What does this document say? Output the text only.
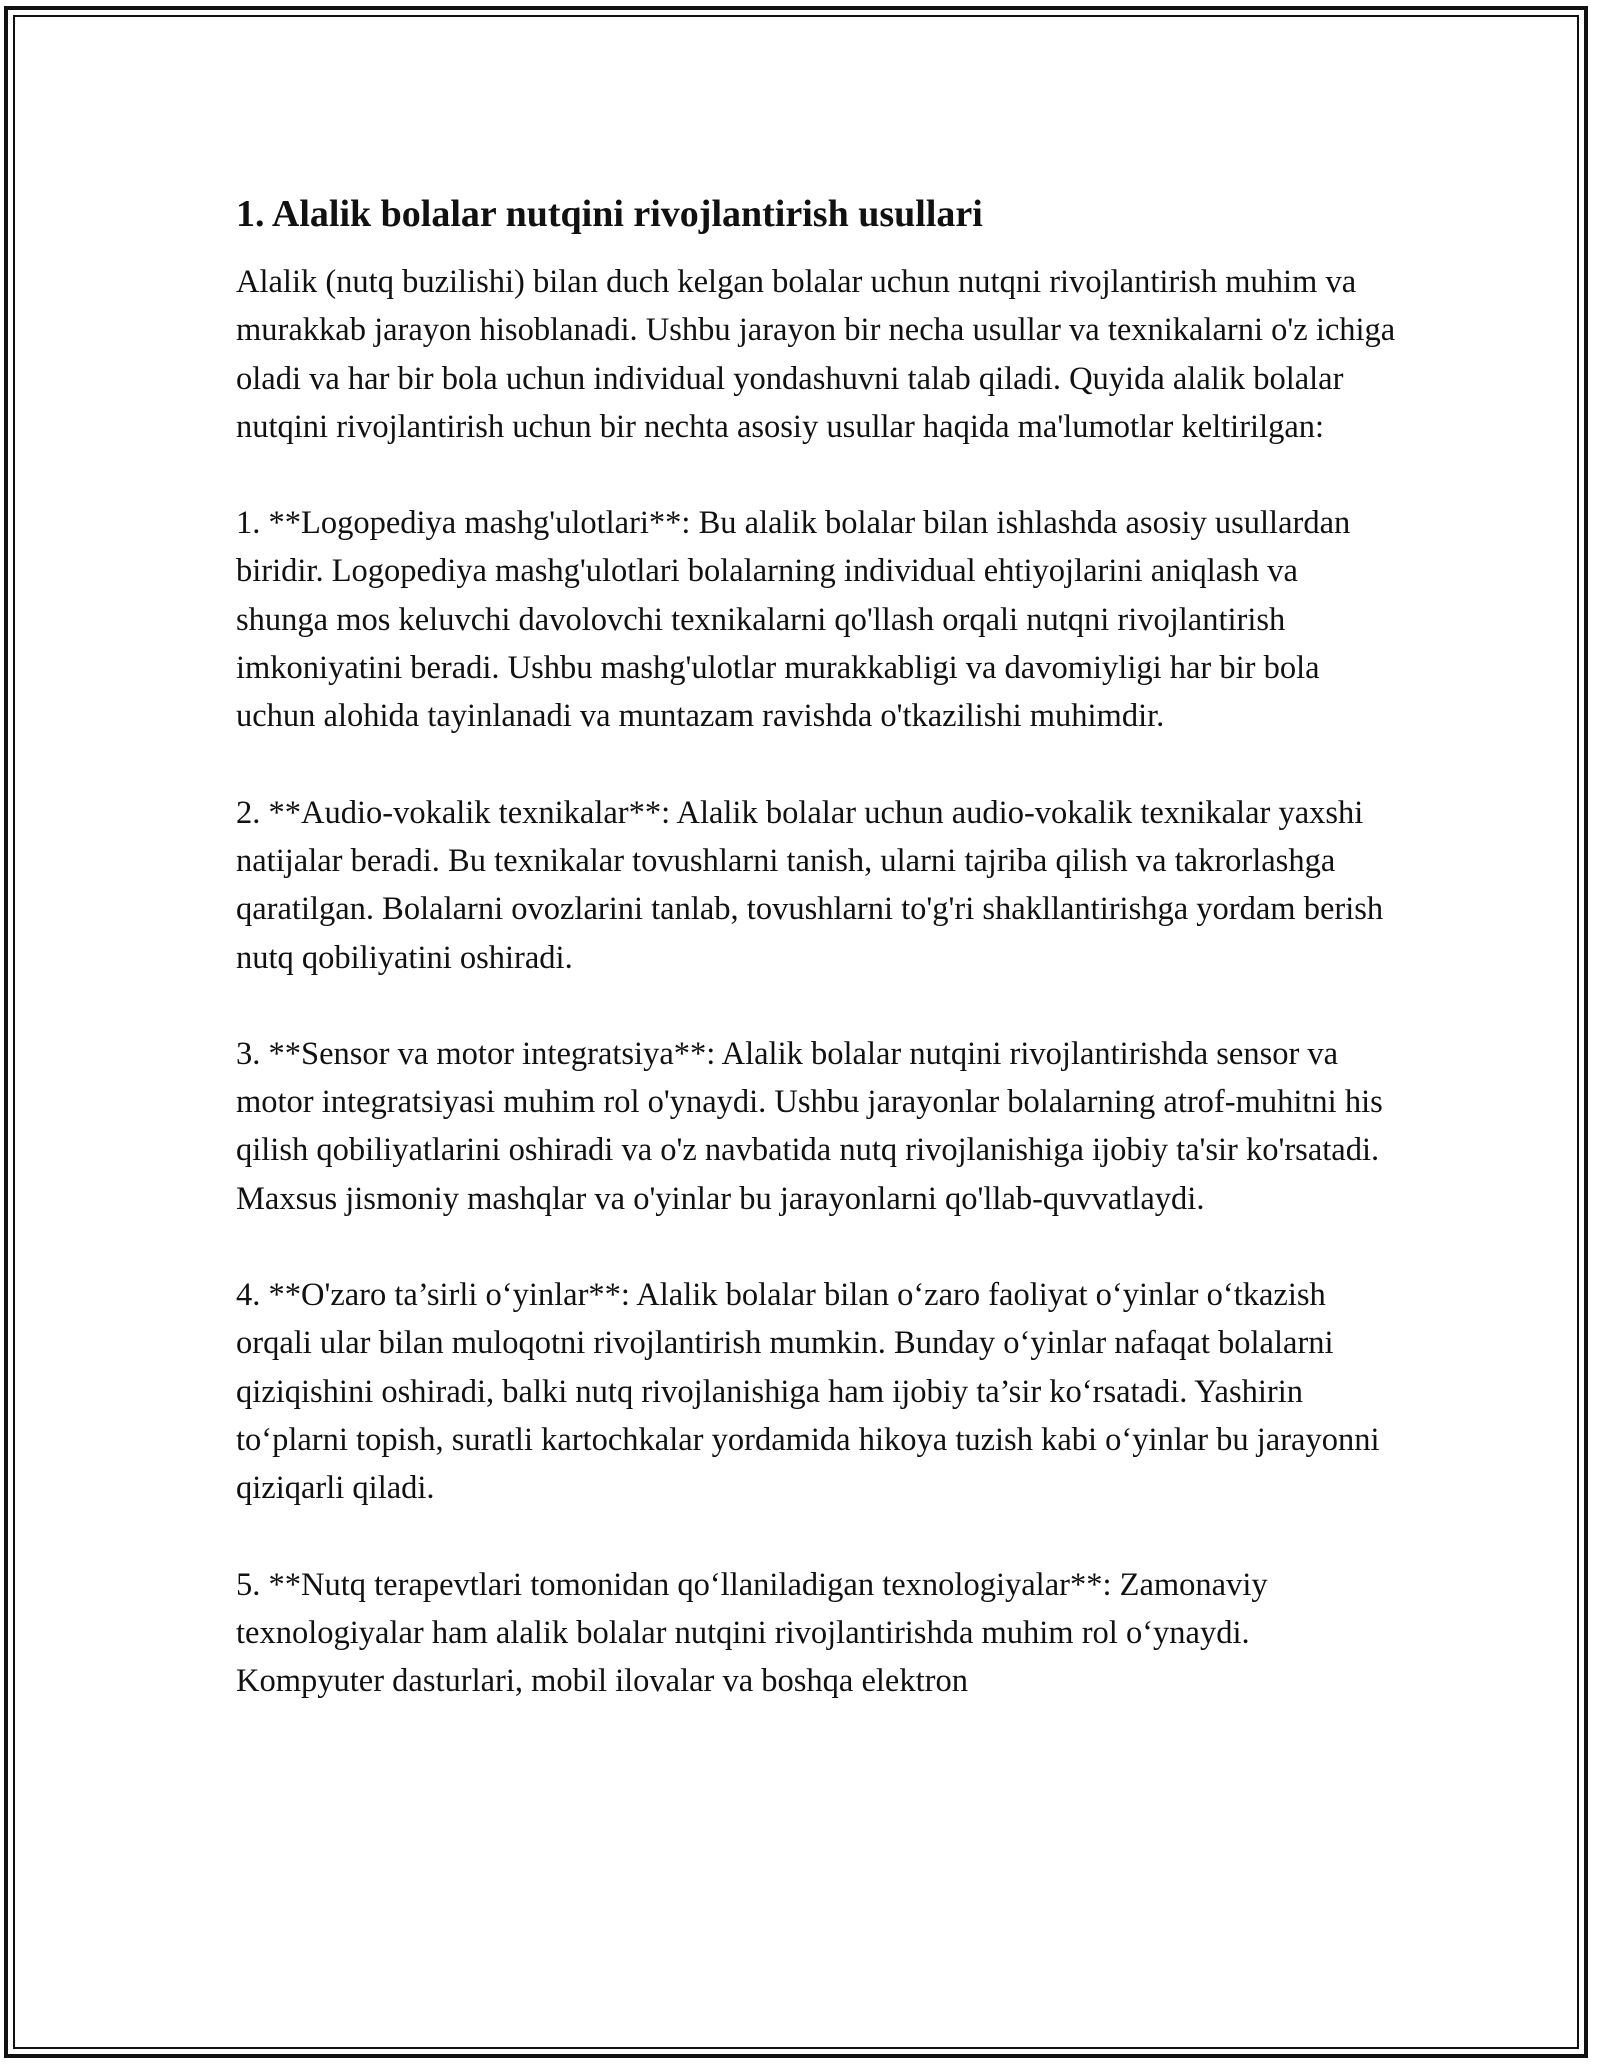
1. Alalik bolalar nutqini rivojlantirish usullari

Alalik (nutq buzilishi) bilan duch kelgan bolalar uchun nutqni rivojlantirish muhim va murakkab jarayon hisoblanadi. Ushbu jarayon bir necha usullar va texnikalarni o'z ichiga oladi va har bir bola uchun individual yondashuvni talab qiladi. Quyida alalik bolalar nutqini rivojlantirish uchun bir nechta asosiy usullar haqida ma'lumotlar keltirilgan:

1. **Logopediya mashg'ulotlari**: Bu alalik bolalar bilan ishlashda asosiy usullardan biridir. Logopediya mashg'ulotlari bolalarning individual ehtiyojlarini aniqlash va shunga mos keluvchi davolovchi texnikalarni qo'llash orqali nutqni rivojlantirish imkoniyatini beradi. Ushbu mashg'ulotlar murakkabligi va davomiyligi har bir bola uchun alohida tayinlanadi va muntazam ravishda o'tkazilishi muhimdir.

2. **Audio-vokalik texnikalar**: Alalik bolalar uchun audio-vokalik texnikalar yaxshi natijalar beradi. Bu texnikalar tovushlarni tanish, ularni tajriba qilish va takrorlashga qaratilgan. Bolalarni ovozlarini tanlab, tovushlarni to'g'ri shakllantirishga yordam berish nutq qobiliyatini oshiradi.

3. **Sensor va motor integratsiya**: Alalik bolalar nutqini rivojlantirishda sensor va motor integratsiyasi muhim rol o'ynaydi. Ushbu jarayonlar bolalarning atrof-muhitni his qilish qobiliyatlarini oshiradi va o'z navbatida nutq rivojlanishiga ijobiy ta'sir ko'rsatadi. Maxsus jismoniy mashqlar va o'yinlar bu jarayonlarni qo'llab-quvvatlaydi.

4. **O'zaro ta’sirli o‘yinlar**: Alalik bolalar bilan o‘zaro faoliyat o‘yinlar o‘tkazish orqali ular bilan muloqotni rivojlantirish mumkin. Bunday o‘yinlar nafaqat bolalarni qiziqishini oshiradi, balki nutq rivojlanishiga ham ijobiy ta’sir ko‘rsatadi. Yashirin to‘plarni topish, suratli kartochkalar yordamida hikoya tuzish kabi o‘yinlar bu jarayonni qiziqarli qiladi.

5. **Nutq terapevtlari tomonidan qo‘llaniladigan texnologiyalar**: Zamonaviy texnologiyalar ham alalik bolalar nutqini rivojlantirishda muhim rol o‘ynaydi. Kompyuter dasturlari, mobil ilovalar va boshqa elektron
